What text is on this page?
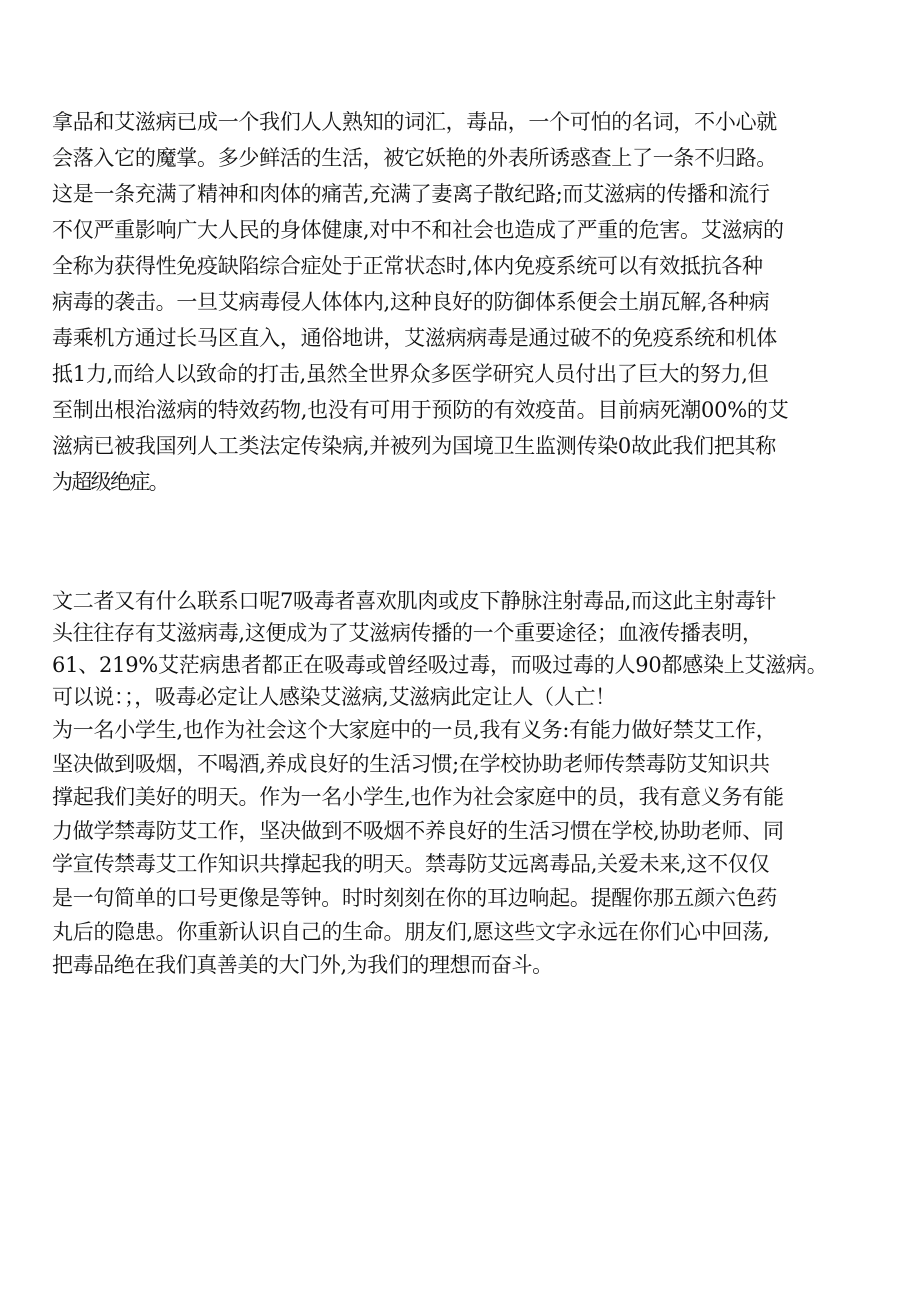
拿品和艾滋病已成一个我们人人熟知的词汇，毒品，一个可怕的名词，不小心就
会落入它的魔掌。多少鲜活的生活，被它妖艳的外表所诱惑查上了一条不归路。
这是一条充满了精神和肉体的痛苦,充满了妻离子散纪路;而艾滋病的传播和流行
不仅严重影响广大人民的身体健康,对中不和社会也造成了严重的危害。艾滋病的
全称为获得性免疫缺陷综合症处于正常状态时,体内免疫系统可以有效抵抗各种
病毒的袭击。一旦艾病毒侵人体体内,这种良好的防御体系便会土崩瓦解,各种病
毒乘机方通过长马区直入，通俗地讲，艾滋病病毒是通过破不的免疫系统和机体
抵1力,而给人以致命的打击,虽然全世界众多医学研究人员付出了巨大的努力,但
至制出根治滋病的特效药物,也没有可用于预防的有效疫苗。目前病死潮00%的艾
滋病已被我国列人工类法定传染病,并被列为国境卫生监测传染0故此我们把其称
为超级绝症。
文二者又有什么联系口呢7吸毒者喜欢肌肉或皮下静脉注射毒品,而这此主射毒针
头往往存有艾滋病毒,这便成为了艾滋病传播的一个重要途径；血液传播表明，
61、219%艾茫病患者都正在吸毒或曾经吸过毒，而吸过毒的人90都感染上艾滋病。
可以说：；，吸毒必定让人感染艾滋病,艾滋病此定让人（人亡！
为一名小学生,也作为社会这个大家庭中的一员,我有义务:有能力做好禁艾工作，
坚决做到吸烟，不喝酒,养成良好的生活习惯;在学校协助老师传禁毒防艾知识共
撑起我们美好的明天。作为一名小学生,也作为社会家庭中的员，我有意义务有能
力做学禁毒防艾工作，坚决做到不吸烟不养良好的生活习惯在学校,协助老师、同
学宣传禁毒艾工作知识共撑起我的明天。禁毒防艾远离毒品,关爱未来,这不仅仅
是一句简单的口号更像是等钟。时时刻刻在你的耳边响起。提醒你那五颜六色药
丸后的隐患。你重新认识自己的生命。朋友们,愿这些文字永远在你们心中回荡,
把毒品绝在我们真善美的大门外,为我们的理想而奋斗。
